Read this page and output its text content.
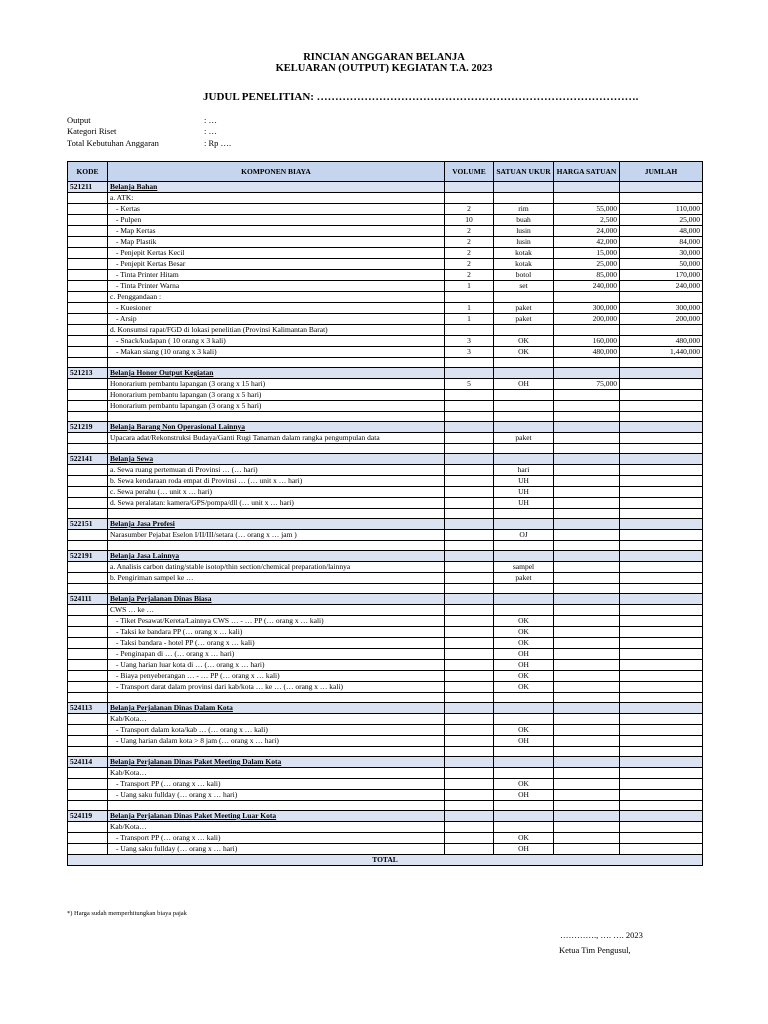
RINCIAN ANGGARAN BELANJA
KELUARAN (OUTPUT) KEGIATAN T.A. 2023
JUDUL PENELITIAN: …………………………………………………………………………….
Output	: …
Kategori Riset	: …
Total Kebutuhan Anggaran	: Rp ….
KODE	KOMPONEN BIAYA	VOLUME	SATUAN UKUR	HARGA SATUAN	JUMLAH
521211	Belanja Bahan				
	a. ATK:				
	- Kertas	2	rim	55,000	110,000
	- Pulpen	10	buah	2,500	25,000
	- Map Kertas	2	lusin	24,000	48,000
	- Map Plastik	2	lusin	42,000	84,000
	- Penjepit Kertas Kecil	2	kotak	15,000	30,000
	- Penjepit Kertas Besar	2	kotak	25,000	50,000
	- Tinta Printer Hitam	2	botol	85,000	170,000
	- Tinta Printer Warna	1	set	240,000	240,000
	c. Penggandaan :				
	- Kuesioner	1	paket	300,000	300,000
	- Arsip	1	paket	200,000	200,000
	d. Konsumsi rapat/FGD di lokasi penelitian (Provinsi Kalimantan Barat)				
	- Snack/kudapan ( 10 orang x 3 kali)	3	OK	160,000	480,000
	- Makan siang (10 orang x 3 kali)	3	OK	480,000	1,440,000

521213	Belanja Honor Output Kegiatan				
	Honorarium pembantu lapangan (3 orang x 15 hari)	5	OH	75,000	
	Honorarium pembantu lapangan (3 orang x 5 hari)				
	Honorarium pembantu lapangan (3 orang x 5 hari)				

521219	Belanja Barang Non Operasional Lainnya				
	Upacara adat/Rekonstruksi Budaya/Ganti Rugi Tanaman dalam rangka pengumpulan data		paket		

522141	Belanja Sewa				
	a. Sewa ruang pertemuan di Provinsi … (… hari)		hari		
	b. Sewa kendaraan roda empat di Provinsi … (… unit x … hari)		UH		
	c. Sewa perahu (… unit x … hari)		UH		
	d. Sewa peralatan: kamera/GPS/pompa/dll (… unit x … hari)		UH		

522151	Belanja Jasa Profesi				
	Narasumber Pejabat Eselon I/II/III/setara (… orang x … jam )		OJ		

522191	Belanja Jasa Lainnya				
	a. Analisis carbon dating/stable isotop/thin section/chemical preparation/lainnya		sampel		
	b. Pengiriman sampel ke …		paket		

524111	Belanja Perjalanan Dinas Biasa				
	CWS … ke …				
	- Tiket Pesawat/Kereta/Lainnya CWS … - … PP (… orang x … kali)		OK		
	- Taksi ke bandara PP (… orang x … kali)		OK		
	- Taksi bandara - hotel PP (… orang x … kali)		OK		
	- Penginapan di … (… orang x … hari)		OH		
	- Uang harian luar kota di … (… orang x … hari)		OH		
	- Biaya penyeberangan … - … PP (… orang x … kali)		OK		
	- Transport darat dalam provinsi dari kab/kota … ke … (… orang x … kali)		OK		

524113	Belanja Perjalanan Dinas Dalam Kota				
	Kab/Kota…				
	- Transport dalam kota/kab … (… orang x … kali)		OK		
	- Uang harian dalam kota > 8 jam (… orang x … hari)		OH		

524114	Belanja Perjalanan Dinas Paket Meeting Dalam Kota				
	Kab/Kota…				
	- Transport PP (… orang x … kali)		OK		
	- Uang saku fullday (… orang x … hari)		OH		

524119	Belanja Perjalanan Dinas Paket Meeting Luar Kota				
	Kab/Kota…				
	- Transport PP (… orang x … kali)		OK		
	- Uang saku fullday (… orang x … hari)		OH		
TOTAL					
*) Harga sudah memperhitungkan biaya pajak
…………., …. …. 2023
Ketua Tim Pengusul,
